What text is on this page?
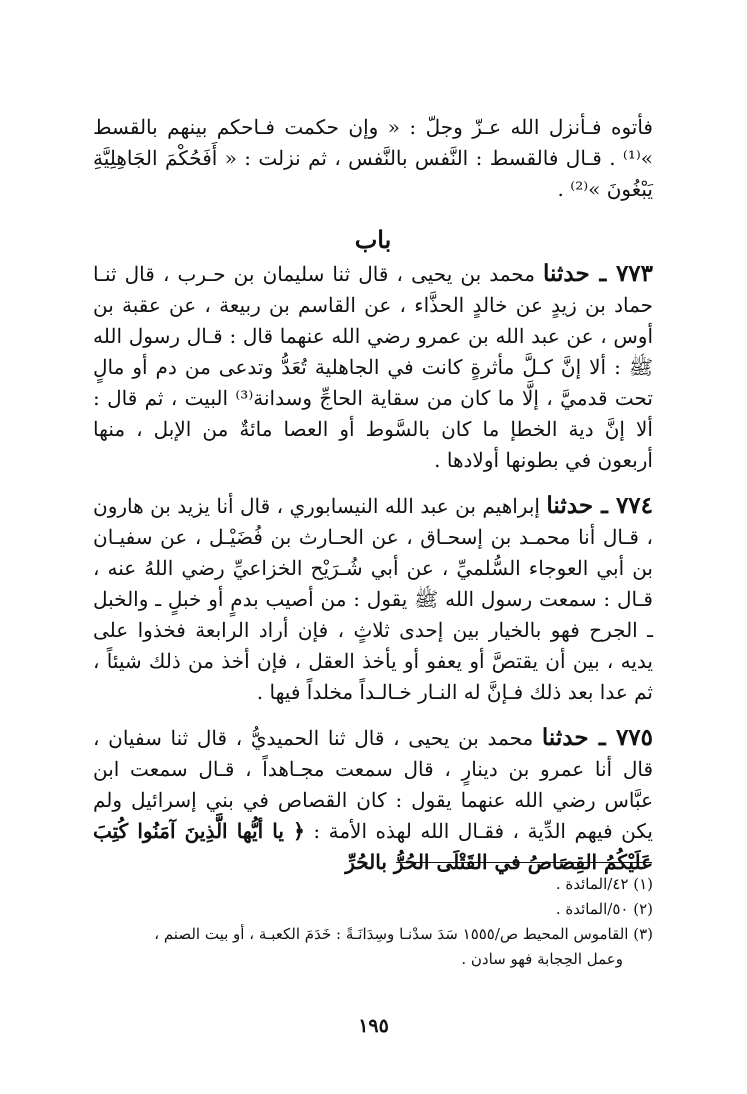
فأتوه فـأنزل الله عـزّ وجلّ : « وإن حكمت فـاحكم بينهم بالقسط »⁽¹⁾ . قـال فالقسط : النَّفس بالنَّفس ، ثم نزلت : « أَفَحُكْمَ الجَاهِلِيَّةِ يَبْغُونَ »⁽²⁾ .

باب

٧٧٣ ـ حدثنا محمد بن يحيى ، قال ثنا سليمان بن حـرب ، قال ثنـا حماد بن زيدٍ عن خالدٍ الحذَّاء ، عن القاسم بن ربيعة ، عن عقبة بن أوس ، عن عبد الله بن عمرو رضي الله عنهما قال : قـال رسول الله ﷺ : ألا إنَّ كـلَّ مأثرةٍ كانت في الجاهلية تُعَدُّ وتدعى من دم أو مالٍ تحت قدميَّ ، إلَّا ما كان من سقاية الحاجِّ وسدانة⁽³⁾ البيت ، ثم قال : ألا إنَّ دية الخطإ ما كان بالسَّوط أو العصا مائةٌ من الإبل ، منها أربعون في بطونها أولادها .

٧٧٤ ـ حدثنا إبراهيم بن عبد الله النيسابوري ، قال أنا يزيد بن هارون ، قـال أنا محمـد بن إسحـاق ، عن الحـارث بن فُضَيْـل ، عن سفيـان بن أبي العوجاء السُّلميِّ ، عن أبي شُـرَيْح الخزاعيِّ رضي اللهُ عنه ، قـال : سمعت رسول الله ﷺ يقول : من أصيب بدمٍ أو خبلٍ ـ والخبل ـ الجرح فهو بالخيار بين إحدى ثلاثٍ ، فإن أراد الرابعة فخذوا على يديه ، بين أن يقتصَّ أو يعفو أو يأخذ العقل ، فإن أخذ من ذلك شيئاً ، ثم عدا بعد ذلك فـإنَّ له النـار خـالـداً مخلداً فيها .

٧٧٥ ـ حدثنا محمد بن يحيى ، قال ثنا الحميديُّ ، قال ثنا سفيان ، قال أنا عمرو بن دينارٍ ، قال سمعت مجـاهداً ، قـال سمعت ابن عبَّاس رضي الله عنهما يقول : كان القصاص في بني إسرائيل ولم يكن فيهم الدِّية ، فقـال الله لهذه الأمة : ﴿ يا أيُّها الَّذِينَ آمَنُوا كُتِبَ عَلَيْكُمُ القِصَاصُ في القَتْلَى الحُرُّ بالحُرِّ

(١) ٤٢/المائدة .

(٢) ٥٠/المائدة .

(٣) القاموس المحيط ص/١٥٥٥ سَدَ سدْنـا وسِدَانَـةً : خَدَمَ الكعبـة ، أو بيت الصنم ،

وعمل الحِجابة فهو سادن .

١٩٥
